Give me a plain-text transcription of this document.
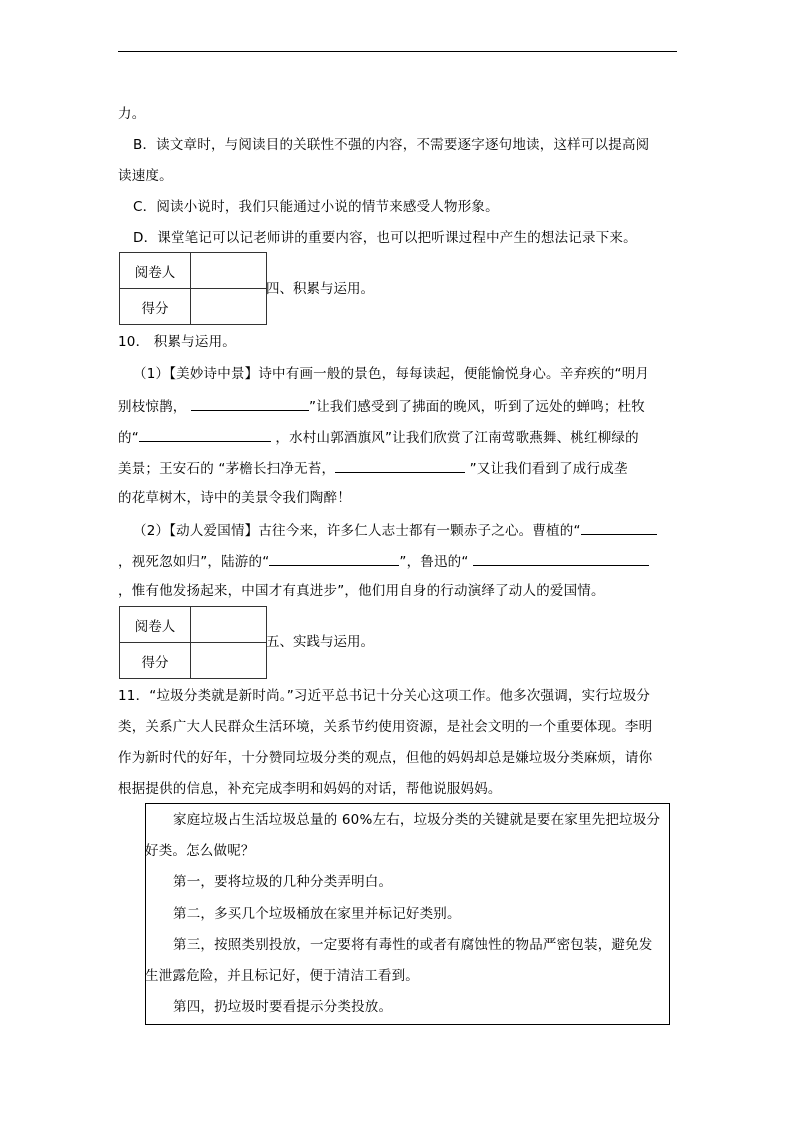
力。
B．读文章时，与阅读目的关联性不强的内容，不需要逐字逐句地读，这样可以提高阅
读速度。
C．阅读小说时，我们只能通过小说的情节来感受人物形象。
D．课堂笔记可以记老师讲的重要内容，也可以把听课过程中产生的想法记录下来。
阅卷人	
得分	
四、积累与运用。
10． 积累与运用。
（1）【美妙诗中景】诗中有画一般的景色，每每读起，便能愉悦身心。辛弃疾的“明月
别枝惊鹊，	”让我们感受到了拂面的晚风，听到了远处的蝉鸣；杜牧
的“	，水村山郭酒旗风”让我们欣赏了江南莺歌燕舞、桃红柳绿的
美景；王安石的 “茅檐长扫净无苔，	”又让我们看到了成行成垄
的花草树木，诗中的美景令我们陶醉！
（2）【动人爱国情】古往今来，许多仁人志士都有一颗赤子之心。曹植的“
，视死忽如归”，陆游的“	”，鲁迅的“
，惟有他发扬起来，中国才有真进步”，他们用自身的行动演绎了动人的爱国情。
阅卷人	
得分	
五、实践与运用。
11．“垃圾分类就是新时尚。”习近平总书记十分关心这项工作。他多次强调，实行垃圾分
类，关系广大人民群众生活环境，关系节约使用资源，是社会文明的一个重要体现。李明
作为新时代的好年，十分赞同垃圾分类的观点，但他的妈妈却总是嫌垃圾分类麻烦，请你
根据提供的信息，补充完成李明和妈妈的对话，帮他说服妈妈。
家庭垃圾占生活垃圾总量的 60%左右，垃圾分类的关键就是要在家里先把垃圾分
好类。怎么做呢？
第一，要将垃圾的几种分类弄明白。
第二，多买几个垃圾桶放在家里并标记好类别。
第三，按照类别投放，一定要将有毒性的或者有腐蚀性的物品严密包装，避免发
生泄露危险，并且标记好，便于清洁工看到。
第四，扔垃圾时要看提示分类投放。
